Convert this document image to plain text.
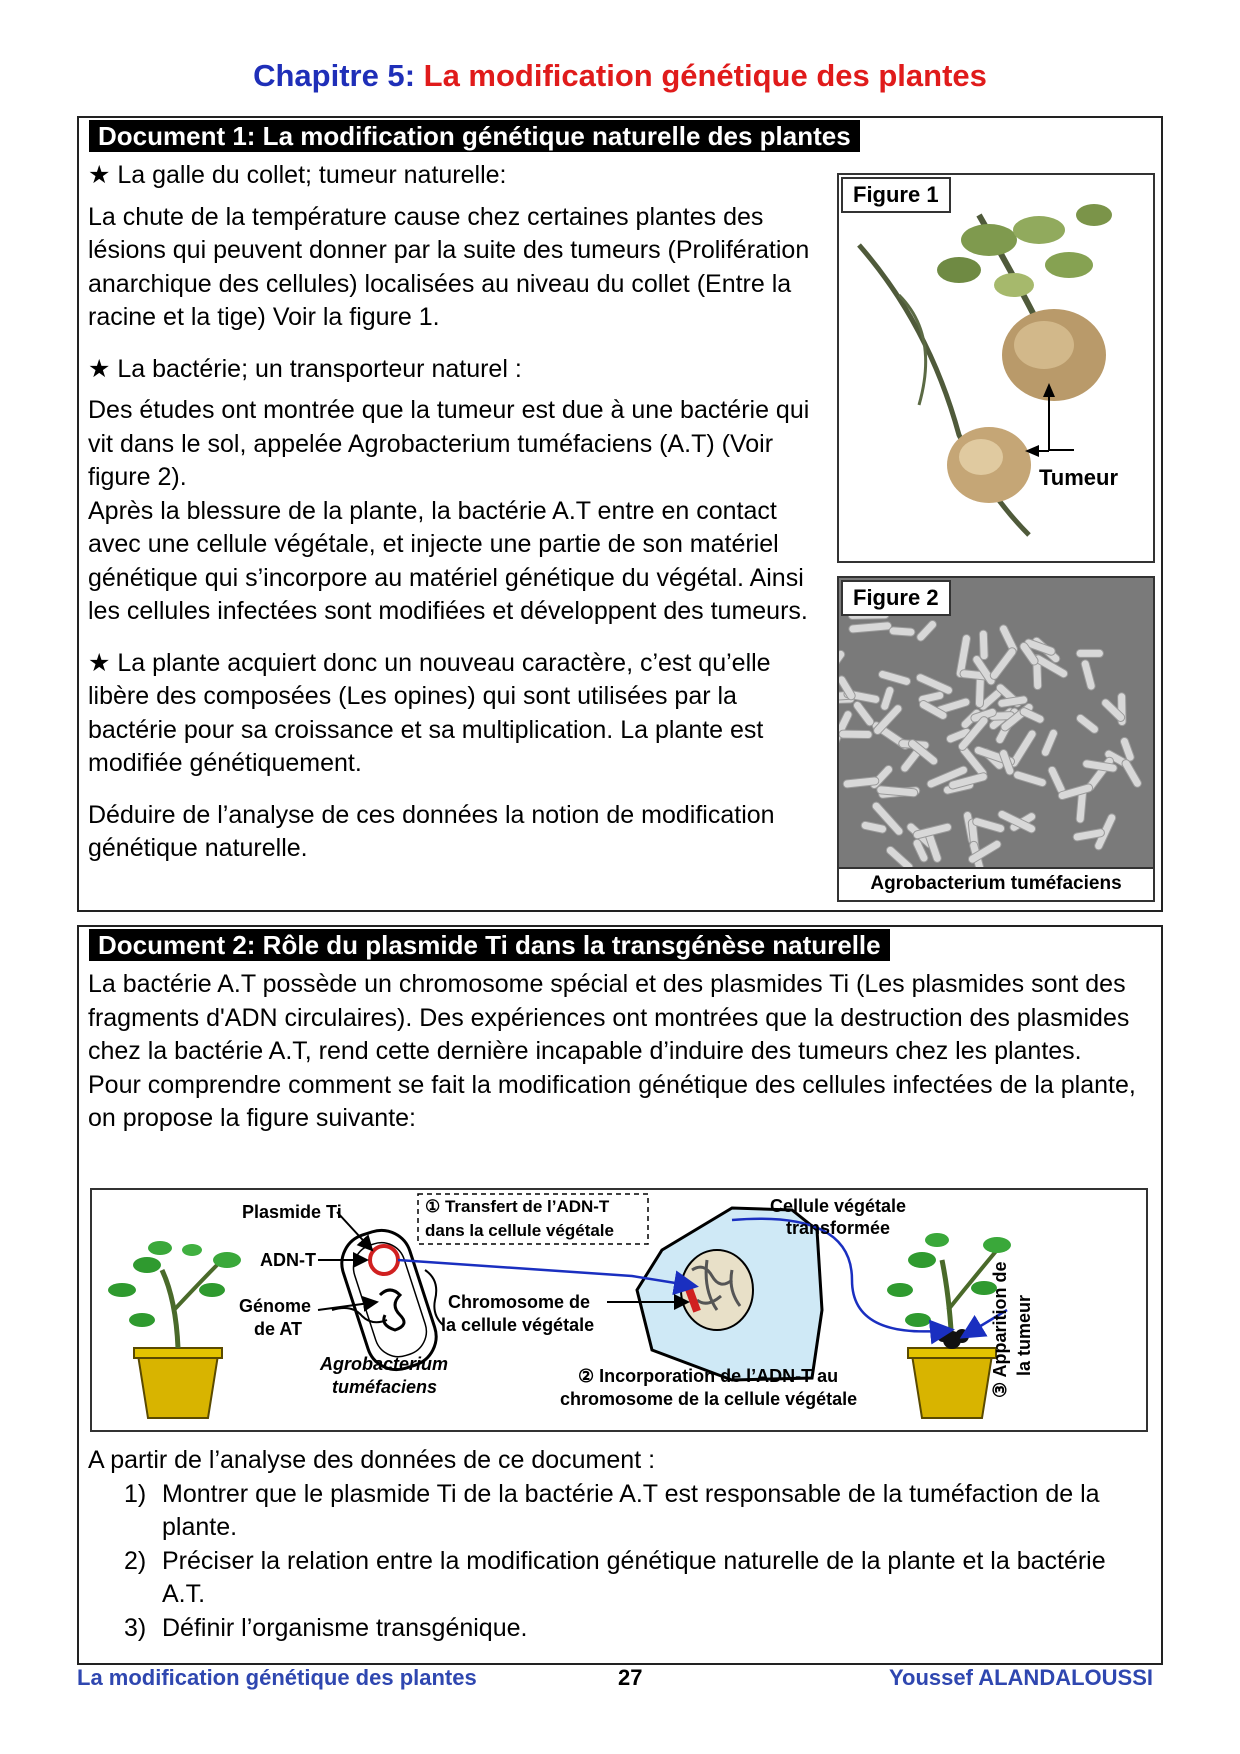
Chapitre 5: La modification génétique des plantes
Document 1: La modification génétique naturelle des plantes

★ La galle du collet; tumeur naturelle:

La chute de la température cause chez certaines plantes des lésions qui peuvent donner par la suite des tumeurs (Prolifération anarchique des cellules) localisées au niveau du collet (Entre la racine et la tige) Voir la figure 1.

★ La bactérie; un transporteur naturel :

Des études ont montrée que la tumeur est due à une bactérie qui vit dans le sol, appelée Agrobacterium tuméfaciens (A.T) (Voir figure 2).

Après la blessure de la plante, la bactérie A.T entre en contact avec une cellule végétale, et injecte une partie de son matériel génétique qui s’incorpore au matériel génétique du végétal. Ainsi les cellules infectées sont modifiées et développent des tumeurs.

★ La plante acquiert donc un nouveau caractère, c’est qu’elle libère des composées (Les opines) qui sont utilisées par la bactérie pour sa croissance et sa multiplication. La plante est modifiée génétiquement.

Déduire de l’analyse de ces données la notion de modification génétique naturelle.

Figure 1
Tumeur
Figure 2
Agrobacterium tuméfaciens
Document 2: Rôle du plasmide Ti dans la transgénèse naturelle

La bactérie A.T possède un chromosome spécial et des plasmides Ti (Les plasmides sont des fragments d'ADN circulaires). Des expériences ont montrées que la destruction des plasmides chez la bactérie A.T, rend cette dernière incapable d’induire des tumeurs chez les plantes.

Pour comprendre comment se fait la modification génétique des cellules infectées de la plante, on propose la figure suivante:

Plasmide Ti
ADN-T
Génome
de AT
Agrobacterium
tuméfaciens
① Transfert de l’ADN-T
dans la cellule végétale
Chromosome de
la cellule végétale
② Incorporation de l’ADN-T au
chromosome de la cellule végétale
Cellule végétale
transformée
③ Apparition de la tumeur

A partir de l’analyse des données de ce document :

1) Montrer que le plasmide Ti de la bactérie A.T est responsable de la tuméfaction de la plante.
2) Préciser la relation entre la modification génétique naturelle de la plante et la bactérie A.T.
3) Définir l’organisme transgénique.
La modification génétique des plantes	27	Youssef ALANDALOUSSI
